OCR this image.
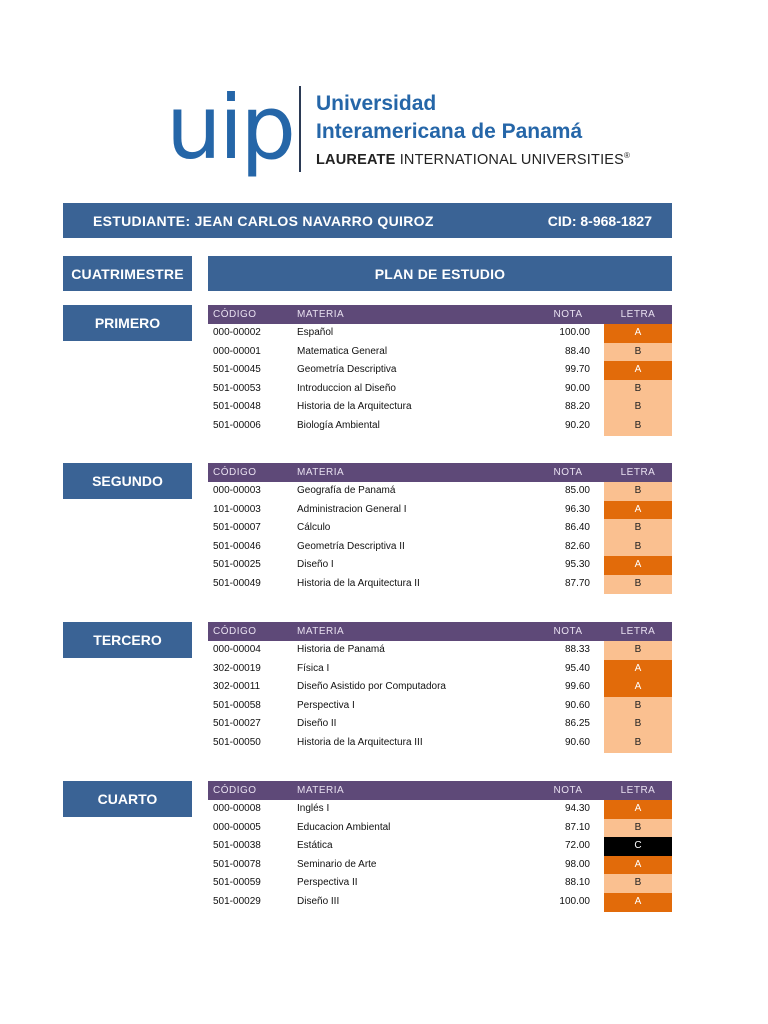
uip Universidad
Interamericana de Panamá
LAUREATE INTERNATIONAL UNIVERSITIES®
ESTUDIANTE: JEAN CARLOS NAVARRO QUIROZ	CID: 8-968-1827
CUATRIMESTRE	PLAN DE ESTUDIO
PRIMERO
CÓDIGO	MATERIA	NOTA	LETRA
000-00002	Español	100.00	A
000-00001	Matematica General	88.40	B
501-00045	Geometría Descriptiva	99.70	A
501-00053	Introduccion al Diseño	90.00	B
501-00048	Historia de la Arquitectura	88.20	B
501-00006	Biología Ambiental	90.20	B
SEGUNDO
CÓDIGO	MATERIA	NOTA	LETRA
000-00003	Geografía de Panamá	85.00	B
101-00003	Administracion General I	96.30	A
501-00007	Cálculo	86.40	B
501-00046	Geometría Descriptiva II	82.60	B
501-00025	Diseño I	95.30	A
501-00049	Historia de la Arquitectura II	87.70	B
TERCERO
CÓDIGO	MATERIA	NOTA	LETRA
000-00004	Historia de Panamá	88.33	B
302-00019	Física I	95.40	A
302-00011	Diseño Asistido por Computadora	99.60	A
501-00058	Perspectiva I	90.60	B
501-00027	Diseño II	86.25	B
501-00050	Historia de la Arquitectura III	90.60	B
CUARTO
CÓDIGO	MATERIA	NOTA	LETRA
000-00008	Inglés I	94.30	A
000-00005	Educacion Ambiental	87.10	B
501-00038	Estática	72.00	C
501-00078	Seminario de Arte	98.00	A
501-00059	Perspectiva II	88.10	B
501-00029	Diseño III	100.00	A
